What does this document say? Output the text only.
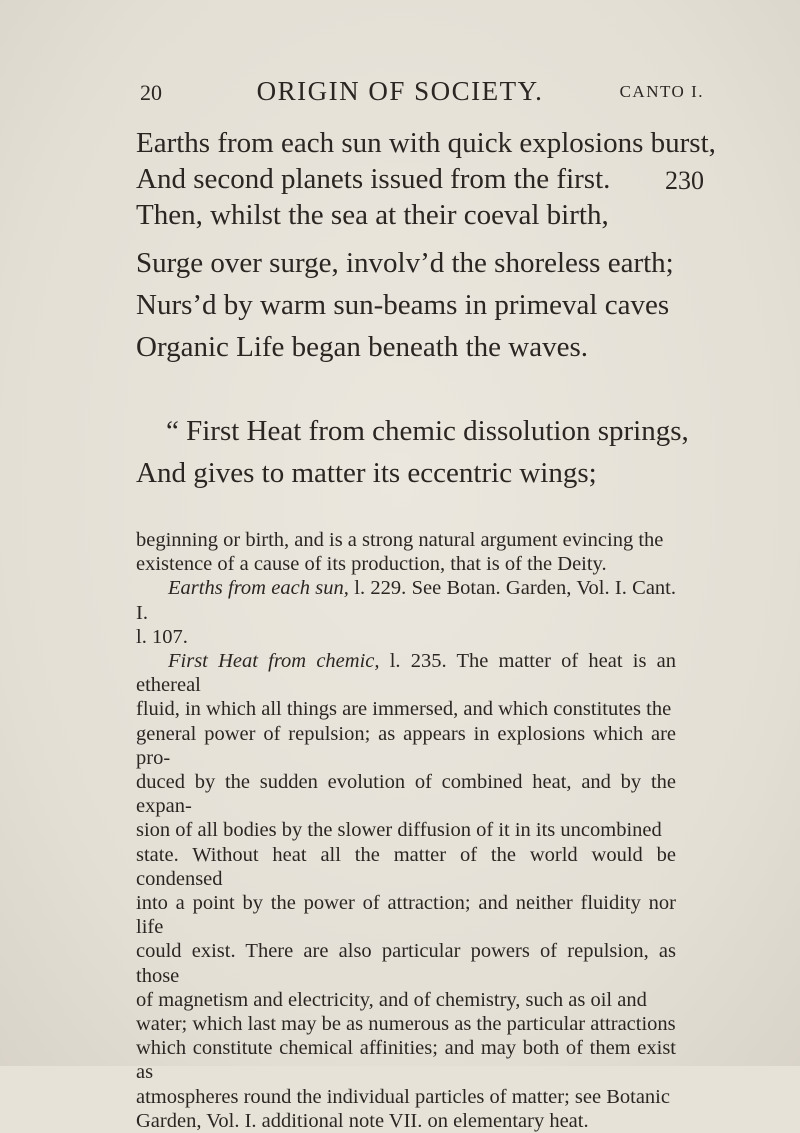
20	ORIGIN OF SOCIETY.	CANTO I.
Earths from each sun with quick explosions burst,
And second planets issued from the first. 230
Then, whilst the sea at their coeval birth,
Surge over surge, involv’d the shoreless earth;
Nurs’d by warm sun-beams in primeval caves
Organic Life began beneath the waves.
“ First Heat from chemic dissolution springs,
And gives to matter its eccentric wings;

beginning or birth, and is a strong natural argument evincing the

existence of a cause of its production, that is of the Deity.

Earths from each sun, l. 229. See Botan. Garden, Vol. I. Cant. I.

l. 107.

First Heat from chemic, l. 235. The matter of heat is an ethereal

fluid, in which all things are immersed, and which constitutes the

general power of repulsion; as appears in explosions which are pro-

duced by the sudden evolution of combined heat, and by the expan-

sion of all bodies by the slower diffusion of it in its uncombined

state. Without heat all the matter of the world would be condensed

into a point by the power of attraction; and neither fluidity nor life

could exist. There are also particular powers of repulsion, as those

of magnetism and electricity, and of chemistry, such as oil and

water; which last may be as numerous as the particular attractions

which constitute chemical affinities; and may both of them exist as

atmospheres round the individual particles of matter; see Botanic

Garden, Vol. I. additional note VII. on elementary heat.
